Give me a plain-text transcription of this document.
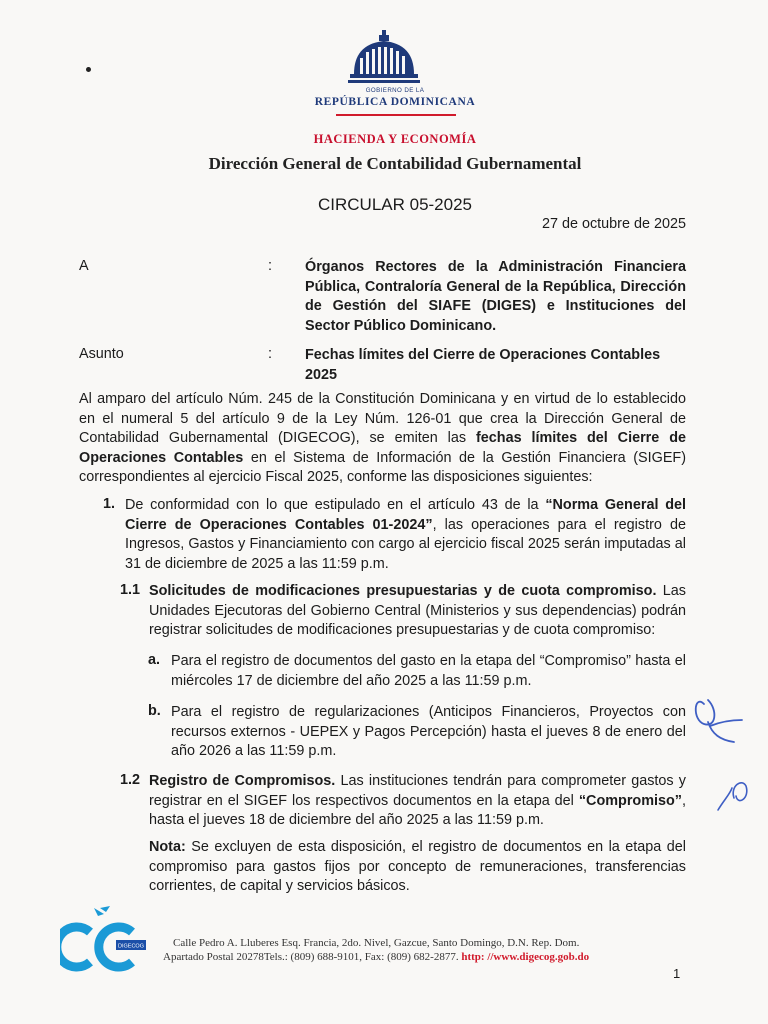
GOBIERNO DE LA
REPÚBLICA DOMINICANA
HACIENDA Y ECONOMÍA
Dirección General de Contabilidad Gubernamental
CIRCULAR 05-2025
27 de octubre de 2025
A	: Órganos Rectores de la Administración Financiera Pública, Contraloría General de la República, Dirección de Gestión del SIAFE (DIGES) e Instituciones del Sector Público Dominicano.
Asunto	: Fechas límites del Cierre de Operaciones Contables 2025
Al amparo del artículo Núm. 245 de la Constitución Dominicana y en virtud de lo establecido en el numeral 5 del artículo 9 de la Ley Núm. 126-01 que crea la Dirección General de Contabilidad Gubernamental (DIGECOG), se emiten las fechas límites del Cierre de Operaciones Contables en el Sistema de Información de la Gestión Financiera (SIGEF) correspondientes al ejercicio Fiscal 2025, conforme las disposiciones siguientes:
1. De conformidad con lo que estipulado en el artículo 43 de la “Norma General del Cierre de Operaciones Contables 01-2024”, las operaciones para el registro de Ingresos, Gastos y Financiamiento con cargo al ejercicio fiscal 2025 serán imputadas al 31 de diciembre de 2025 a las 11:59 p.m.
1.1 Solicitudes de modificaciones presupuestarias y de cuota compromiso. Las Unidades Ejecutoras del Gobierno Central (Ministerios y sus dependencias) podrán registrar solicitudes de modificaciones presupuestarias y de cuota compromiso:
a. Para el registro de documentos del gasto en la etapa del “Compromiso” hasta el miércoles 17 de diciembre del año 2025 a las 11:59 p.m.
b. Para el registro de regularizaciones (Anticipos Financieros, Proyectos con recursos externos - UEPEX y Pagos Percepción) hasta el jueves 8 de enero del año 2026 a las 11:59 p.m.
1.2 Registro de Compromisos. Las instituciones tendrán para comprometer gastos y registrar en el SIGEF los respectivos documentos en la etapa del “Compromiso”, hasta el jueves 18 de diciembre del año 2025 a las 11:59 p.m.
Nota: Se excluyen de esta disposición, el registro de documentos en la etapa del compromiso para gastos fijos por concepto de remuneraciones, transferencias corrientes, de capital y servicios básicos.
DIGECOG	Calle Pedro A. Lluberes Esq. Francia, 2do. Nivel, Gazcue, Santo Domingo, D.N. Rep. Dom.
Apartado Postal 20278Tels.: (809) 688-9101, Fax: (809) 682-2877. http: //www.digecog.gob.do
1
